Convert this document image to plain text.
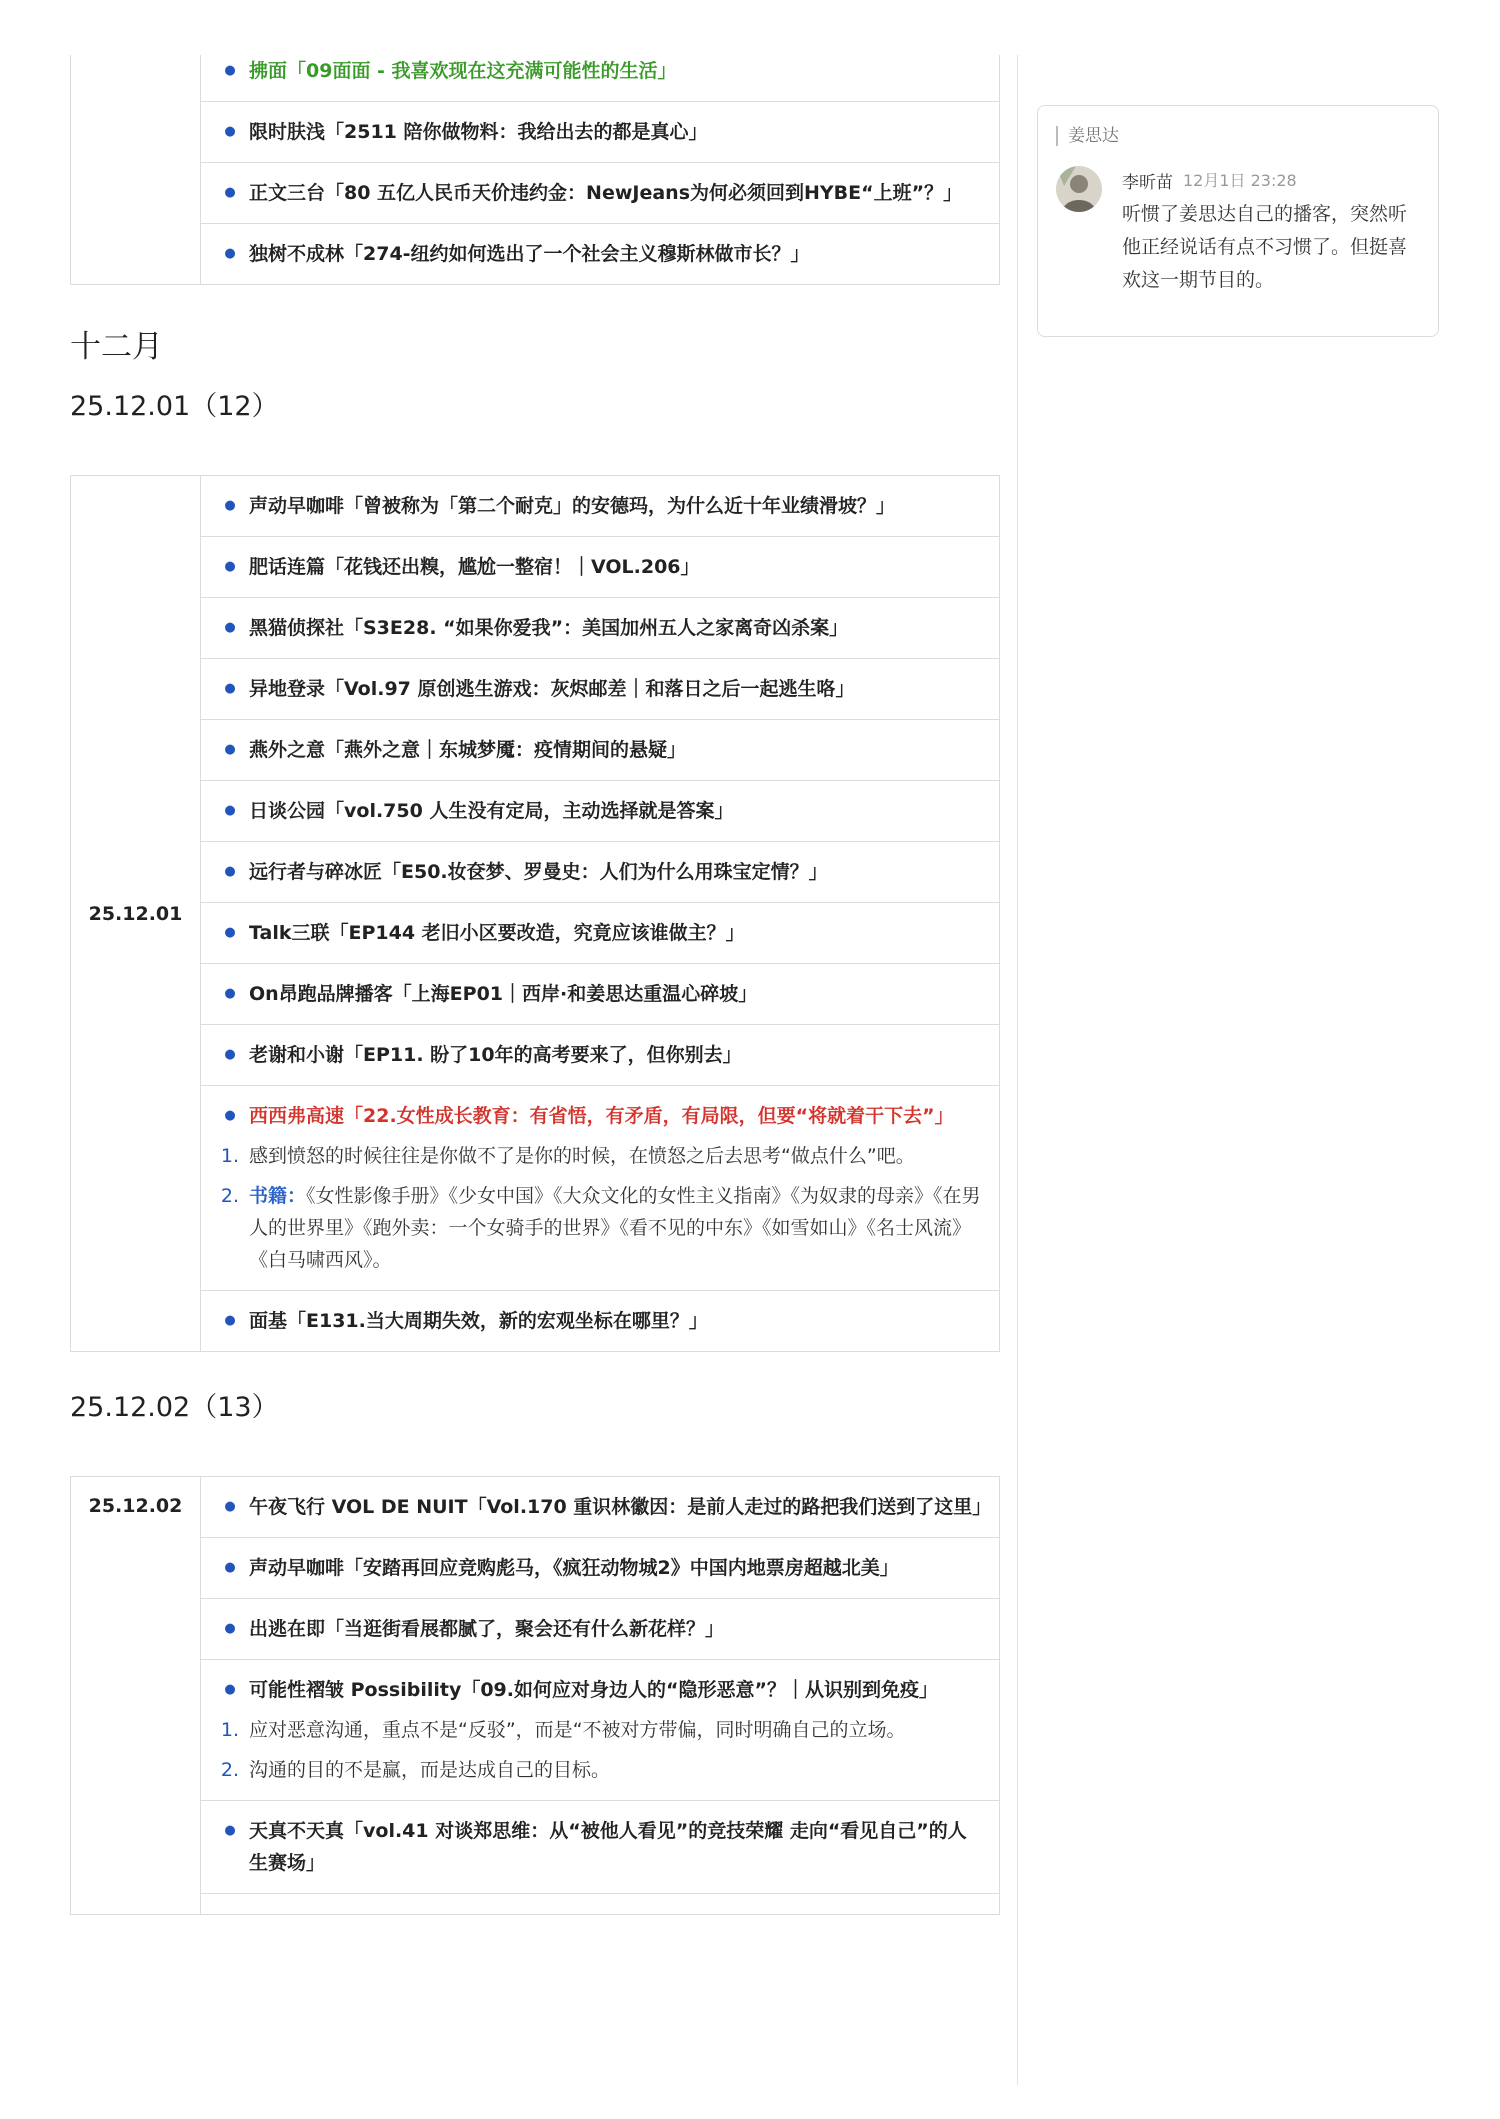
● 拂面「09面面 - 我喜欢现在这充满可能性的生活」

● 限时肤浅「2511 陪你做物料：我给出去的都是真心」

● 正文三台「80 五亿人民币天价违约金：NewJeans为何必须回到HYBE“上班”？」

● 独树不成林「274-纽约如何选出了一个社会主义穆斯林做市长？」
十二月
25.12.01（12）
25.12.01	
● 声动早咖啡「曾被称为「第二个耐克」的安德玛，为什么近十年业绩滑坡？」

● 肥话连篇「花钱还出糗，尴尬一整宿！｜VOL.206」

● 黑猫侦探社「S3E28. “如果你爱我”：美国加州五人之家离奇凶杀案」

● 异地登录「Vol.97 原创逃生游戏：灰烬邮差｜和落日之后一起逃生咯」

● 燕外之意「燕外之意｜东城梦魇：疫情期间的悬疑」

● 日谈公园「vol.750 人生没有定局，主动选择就是答案」

● 远行者与碎冰匠「E50.妆奁梦、罗曼史：人们为什么用珠宝定情？」

● Talk三联「EP144 老旧小区要改造，究竟应该谁做主？」

● On昂跑品牌播客「上海EP01｜西岸·和姜思达重温心碎坡」

● 老谢和小谢「EP11. 盼了10年的高考要来了，但你别去」

● 西西弗高速「22.女性成长教育：有省悟，有矛盾，有局限，但要“将就着干下去”」
1. 感到愤怒的时候往往是你做不了是你的时候，在愤怒之后去思考“做点什么”吧。
2. 书籍：《女性影像手册》《少女中国》《大众文化的女性主义指南》《为奴隶的母亲》《在男人的世界里》《跑外卖：一个女骑手的世界》《看不见的中东》《如雪如山》《名士风流》《白马啸西风》。

● 面基「E131.当大周期失效，新的宏观坐标在哪里？」
25.12.02（13）
25.12.02	● 午夜飞行 VOL DE NUIT「Vol.170 重识林徽因：是前人走过的路把我们送到了这里」

● 声动早咖啡「安踏再回应竞购彪马，《疯狂动物城2》中国内地票房超越北美」

● 出逃在即「当逛街看展都腻了，聚会还有什么新花样？」

● 可能性褶皱 Possibility「09.如何应对身边人的“隐形恶意”？｜从识别到免疫」
1. 应对恶意沟通，重点不是“反驳”，而是“不被对方带偏，同时明确自己的立场。
2. 沟通的目的不是赢，而是达成自己的目标。

● 天真不天真「vol.41 对谈郑思维：从“被他人看见”的竞技荣耀 走向“看见自己”的人生赛场」

姜思达
李昕苗 12月1日 23:28
听惯了姜思达自己的播客，突然听他正经说话有点不习惯了。但挺喜欢这一期节目的。
